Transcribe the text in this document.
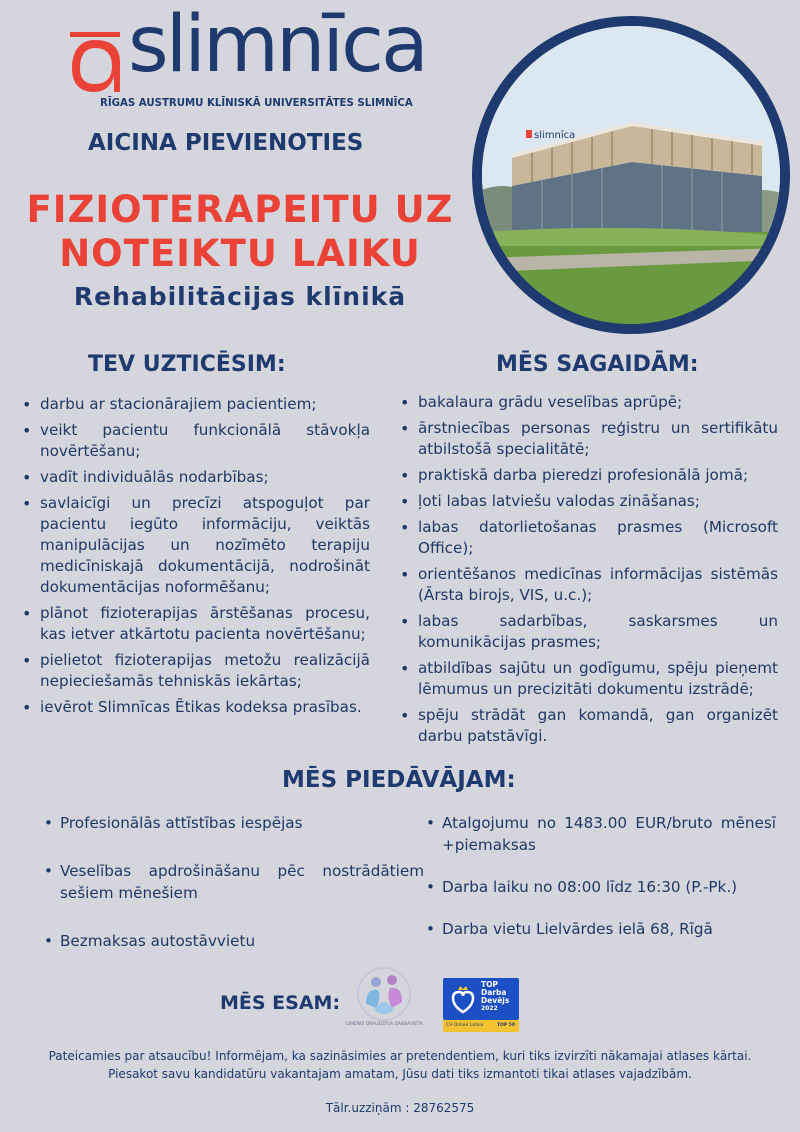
slimnīca
RĪGAS AUSTRUMU KLĪNISKĀ UNIVERSITĀTES SLIMNĪCA
AICINA PIEVIENOTIES
FIZIOTERAPEITU UZ NOTEIKTU LAIKU
Rehabilitācijas klīnikā
slimnīca
TEV UZTICĒSIM:
• darbu ar stacionārajiem pacientiem;
• veikt pacientu funkcionālā stāvokļa novērtēšanu;
• vadīt individuālās nodarbības;
• savlaicīgi un precīzi atspoguļot par pacientu iegūto informāciju, veiktās manipulācijas un nozīmēto terapiju medicīniskajā dokumentācijā, nodrošināt dokumentācijas noformēšanu;
• plānot fizioterapijas ārstēšanas procesu, kas ietver atkārtotu pacienta novērtēšanu;
• pielietot fizioterapijas metožu realizācijā nepieciešamās tehniskās iekārtas;
• ievērot Slimnīcas Ētikas kodeksa prasības.
MĒS SAGAIDĀM:
• bakalaura grādu veselības aprūpē;
• ārstniecības personas reģistru un sertifikātu atbilstošā specialitātē;
• praktiskā darba pieredzi profesionālā jomā;
• ļoti labas latviešu valodas zināšanas;
• labas datorlietošanas prasmes (Microsoft Office);
• orientēšanos medicīnas informācijas sistēmās (Ārsta birojs, VIS, u.c.);
• labas sadarbības, saskarsmes un komunikācijas prasmes;
• atbildības sajūtu un godīgumu, spēju pieņemt lēmumus un precizitāti dokumentu izstrādē;
• spēju strādāt gan komandā, gan organizēt darbu patstāvīgi.
MĒS PIEDĀVĀJAM:
• Profesionālās attīstības iespējas
• Veselības apdrošināšanu pēc nostrādātiem sešiem mēnešiem
• Bezmaksas autostāvvietu
• Atalgojumu no 1483.00 EUR/bruto mēnesī +piemaksas
• Darba laiku no 08:00 līdz 16:30 (P.-Pk.)
• Darba vietu Lielvārdes ielā 68, Rīgā
MĒS ESAM:
ĢIMENEI DRAUDZĪGA DARBAVIETA
TOP
Darba
Devējs
2022
CV-Online Latvia	TOP 50
Pateicamies par atsaucību! Informējam, ka sazināsimies ar pretendentiem, kuri tiks izvirzīti nākamajai atlases kārtai.
Piesakot savu kandidatūru vakantajam amatam, Jūsu dati tiks izmantoti tikai atlases vajadzībām.
Tālr.uzziņām : 28762575
